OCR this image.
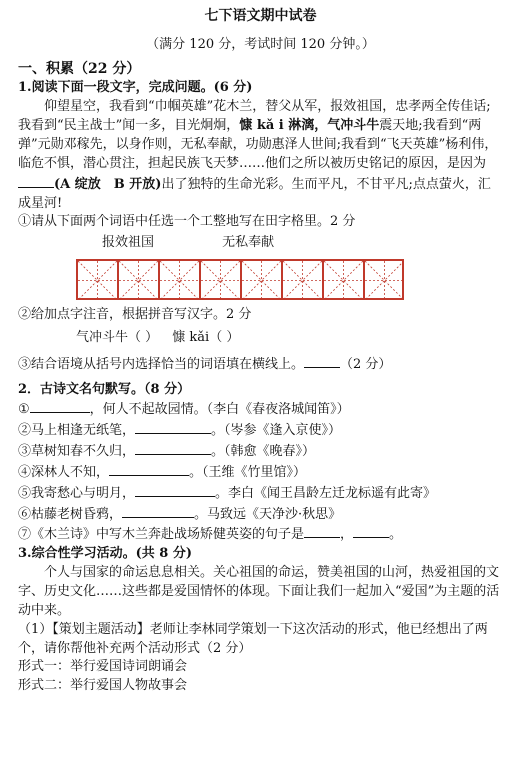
七下语文期中试卷
（满分 120 分，考试时间 120 分钟。）
一、积累（22 分）

1.阅读下面一段文字，完成问题。(6 分)

仰望星空，我看到“巾帼英雄”花木兰，替父从军，报效祖国，忠孝两全传佳话;我看到“民主战士”闻一多，目光炯炯，慷 kǎ i 淋漓，气冲斗牛震天地;我看到“两弹”元勋邓稼先，以身作则，无私奉献，功勋惠泽人世间;我看到“飞天英雄”杨利伟，临危不惧，潜心贯注，担起民族飞天梦……他们之所以被历史铭记的原因，是因为(A 绽放　B 开放)出了独特的生命光彩。生而平凡，不甘平凡;点点萤火，汇成星河!

①请从下面两个词语中任选一个工整地写在田字格里。2 分

报效祖国	无私奉献

②给加点字注音，根据拼音写汉字。2 分

气冲斗牛（ ） 慷 kǎi（ ）

③结合语境从括号内选择恰当的词语填在横线上。	（2 分）

2．古诗文名句默写。（8 分）

①	，何人不起故园情。（李白《春夜洛城闻笛》）

②马上相逢无纸笔，	。（岑参《逢入京使》）

③草树知春不久归，	。（韩愈《晚春》）

④深林人不知，	。（王维《竹里馆》）

⑤我寄愁心与明月，	。李白《闻王昌龄左迁龙标遥有此寄》

⑥枯藤老树昏鸦，	。马致远《天净沙·秋思》

⑦《木兰诗》中写木兰奔赴战场矫健英姿的句子是	，	。

3.综合性学习活动。(共 8 分)

个人与国家的命运息息相关。关心祖国的命运，赞美祖国的山河，热爱祖国的文字、历史文化……这些都是爱国情怀的体现。下面让我们一起加入“爱国”为主题的活动中来。

（1）【策划主题活动】老师让李林同学策划一下这次活动的形式，他已经想出了两个，请你帮他补充两个活动形式（2 分）

形式一：举行爱国诗词朗诵会

形式二：举行爱国人物故事会
